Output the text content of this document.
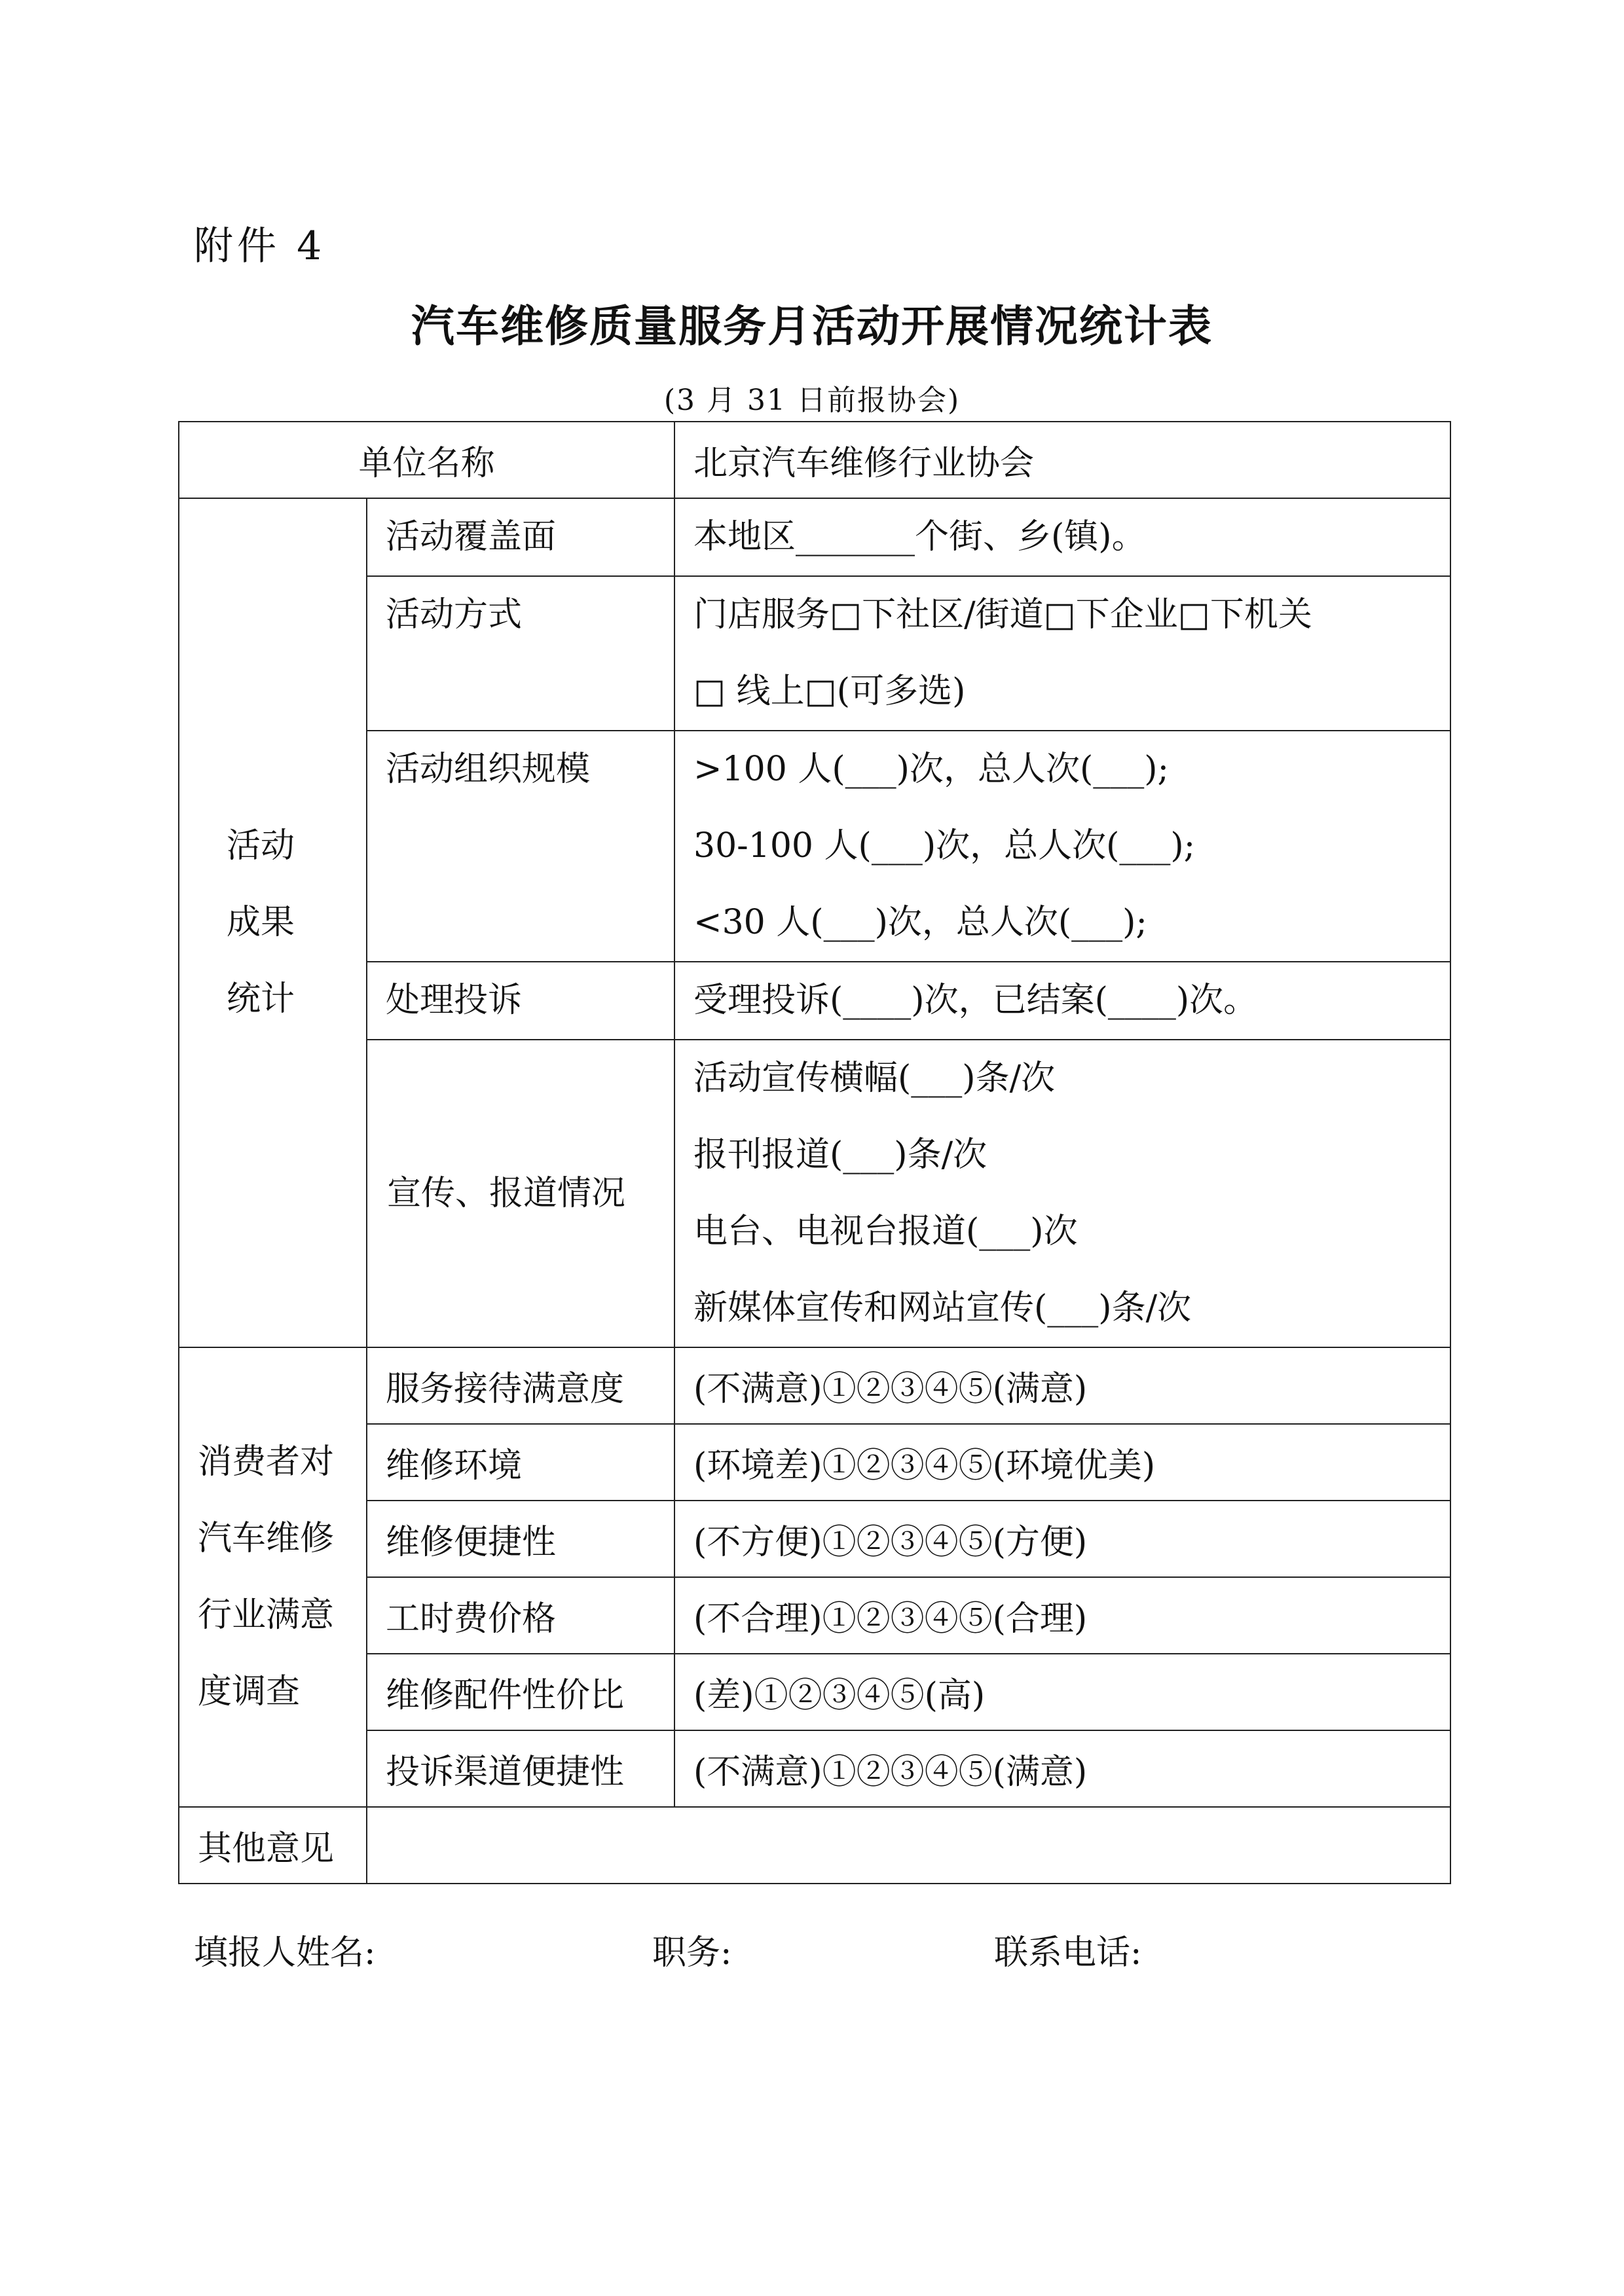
附件 4
汽车维修质量服务月活动开展情况统计表
(3 月 31 日前报协会)
单位名称		北京汽车维修行业协会

活动
成果
统计	活动覆盖面	本地区_______个街、乡(镇)。

	活动方式	门店服务□下社区/街道□下企业□下机关
□ 线上□(可多选)

	活动组织规模	>100 人(___)次，总人次(___);
30-100 人(___)次，总人次(___);
<30 人(___)次，总人次(___);

	处理投诉	受理投诉(____)次，已结案(____)次。

	宣传、报道情况	活动宣传横幅(___)条/次
报刊报道(___)条/次
电台、电视台报道(___)次
新媒体宣传和网站宣传(___)条/次

消费者对
汽车维修
行业满意
度调查	服务接待满意度	(不满意)①②③④⑤(满意)
	维修环境	(环境差)①②③④⑤(环境优美)
	维修便捷性	(不方便)①②③④⑤(方便)
	工时费价格	(不合理)①②③④⑤(合理)
	维修配件性价比	(差)①②③④⑤(高)
	投诉渠道便捷性	(不满意)①②③④⑤(满意)
其他意见		
填报人姓名:	职务:	联系电话:
